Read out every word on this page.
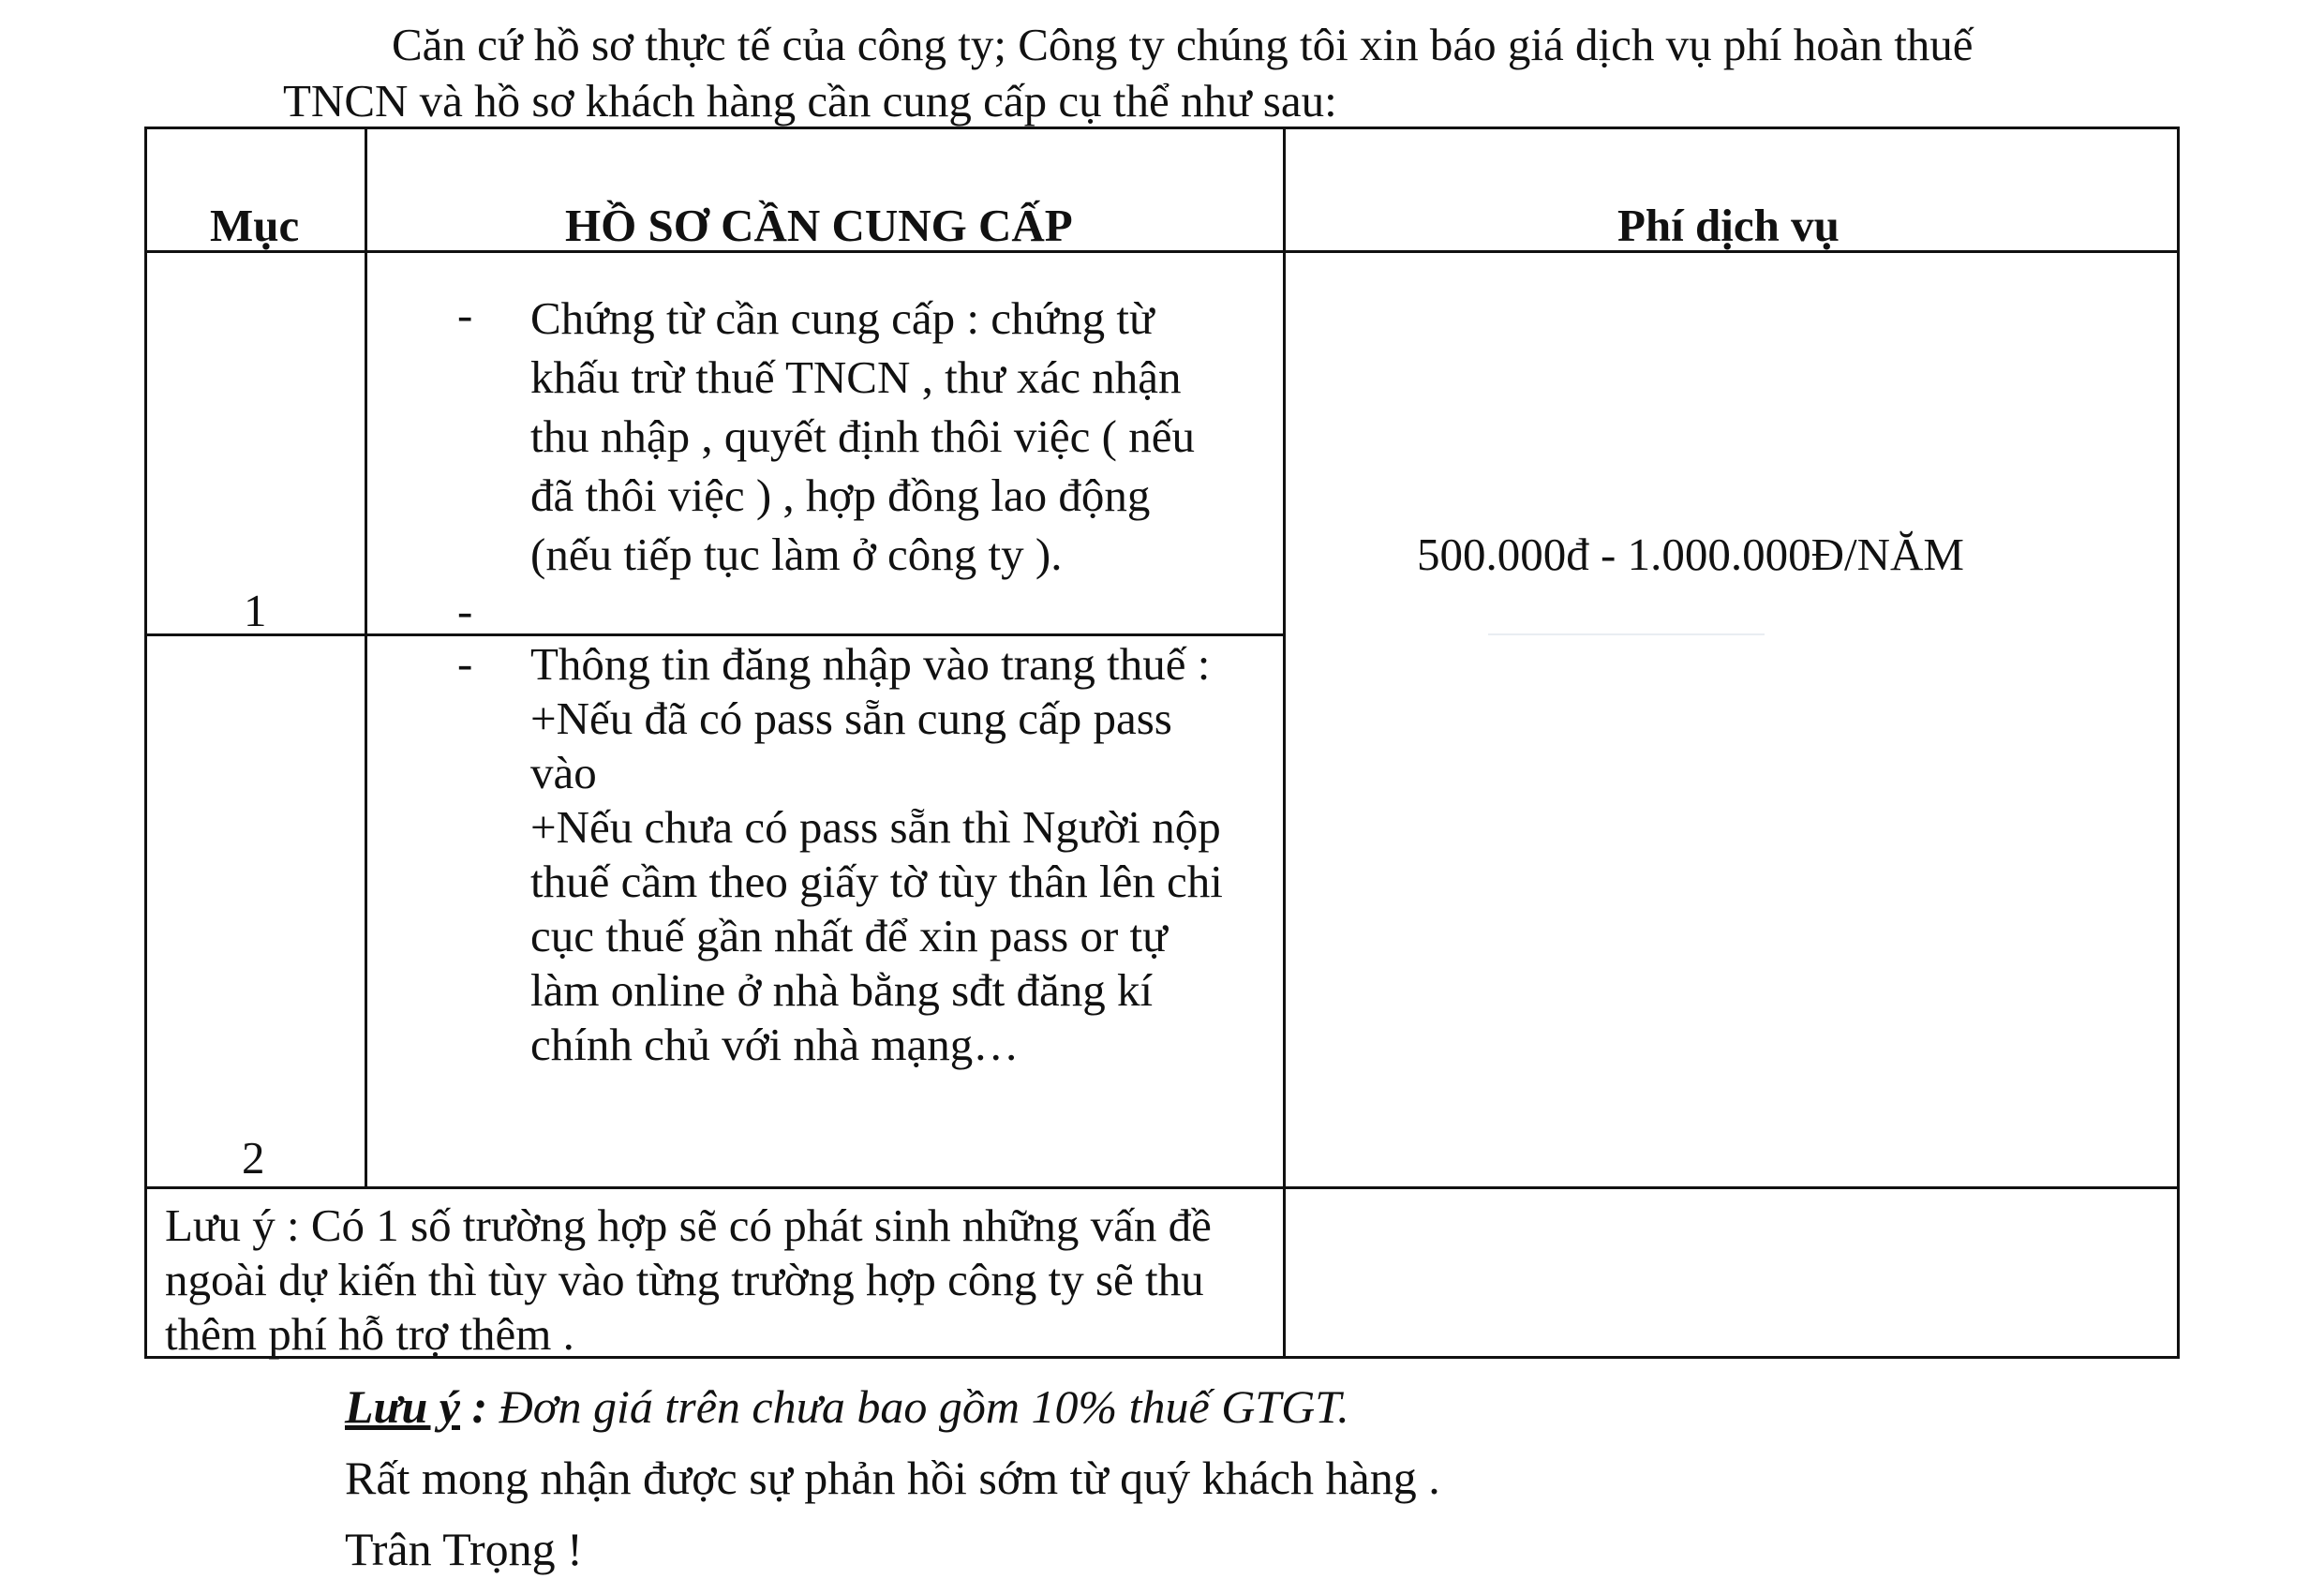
Căn cứ hồ sơ thực tế của công ty; Công ty chúng tôi xin báo giá dịch vụ phí hoàn thuế
TNCN và hồ sơ khách hàng cần cung cấp cụ thể như sau:
Mục	HỒ SƠ CẦN CUNG CẤP	Phí dịch vụ
1
- Chứng từ cần cung cấp : chứng từ
khấu trừ thuế TNCN , thư xác nhận
thu nhập , quyết định thôi việc ( nếu
đã thôi việc ) , hợp đồng lao động
(nếu tiếp tục làm ở công ty ).
-
2
- Thông tin đăng nhập vào trang thuế :
+Nếu đã có pass sẵn cung cấp pass
vào
+Nếu chưa có pass sẵn thì Người nộp
thuế cầm theo giấy tờ tùy thân lên chi
cục thuế gần nhất để xin pass or tự
làm online ở nhà bằng sđt đăng kí
chính chủ với nhà mạng…
500.000đ - 1.000.000Đ/NĂM
Lưu ý : Có 1 số trường hợp sẽ có phát sinh những vấn đề
ngoài dự kiến thì tùy vào từng trường hợp công ty sẽ thu
thêm phí hỗ trợ thêm .
Lưu ý : Đơn giá trên chưa bao gồm 10% thuế GTGT.
Rất mong nhận được sự phản hồi sớm từ quý khách hàng .
Trân Trọng !
